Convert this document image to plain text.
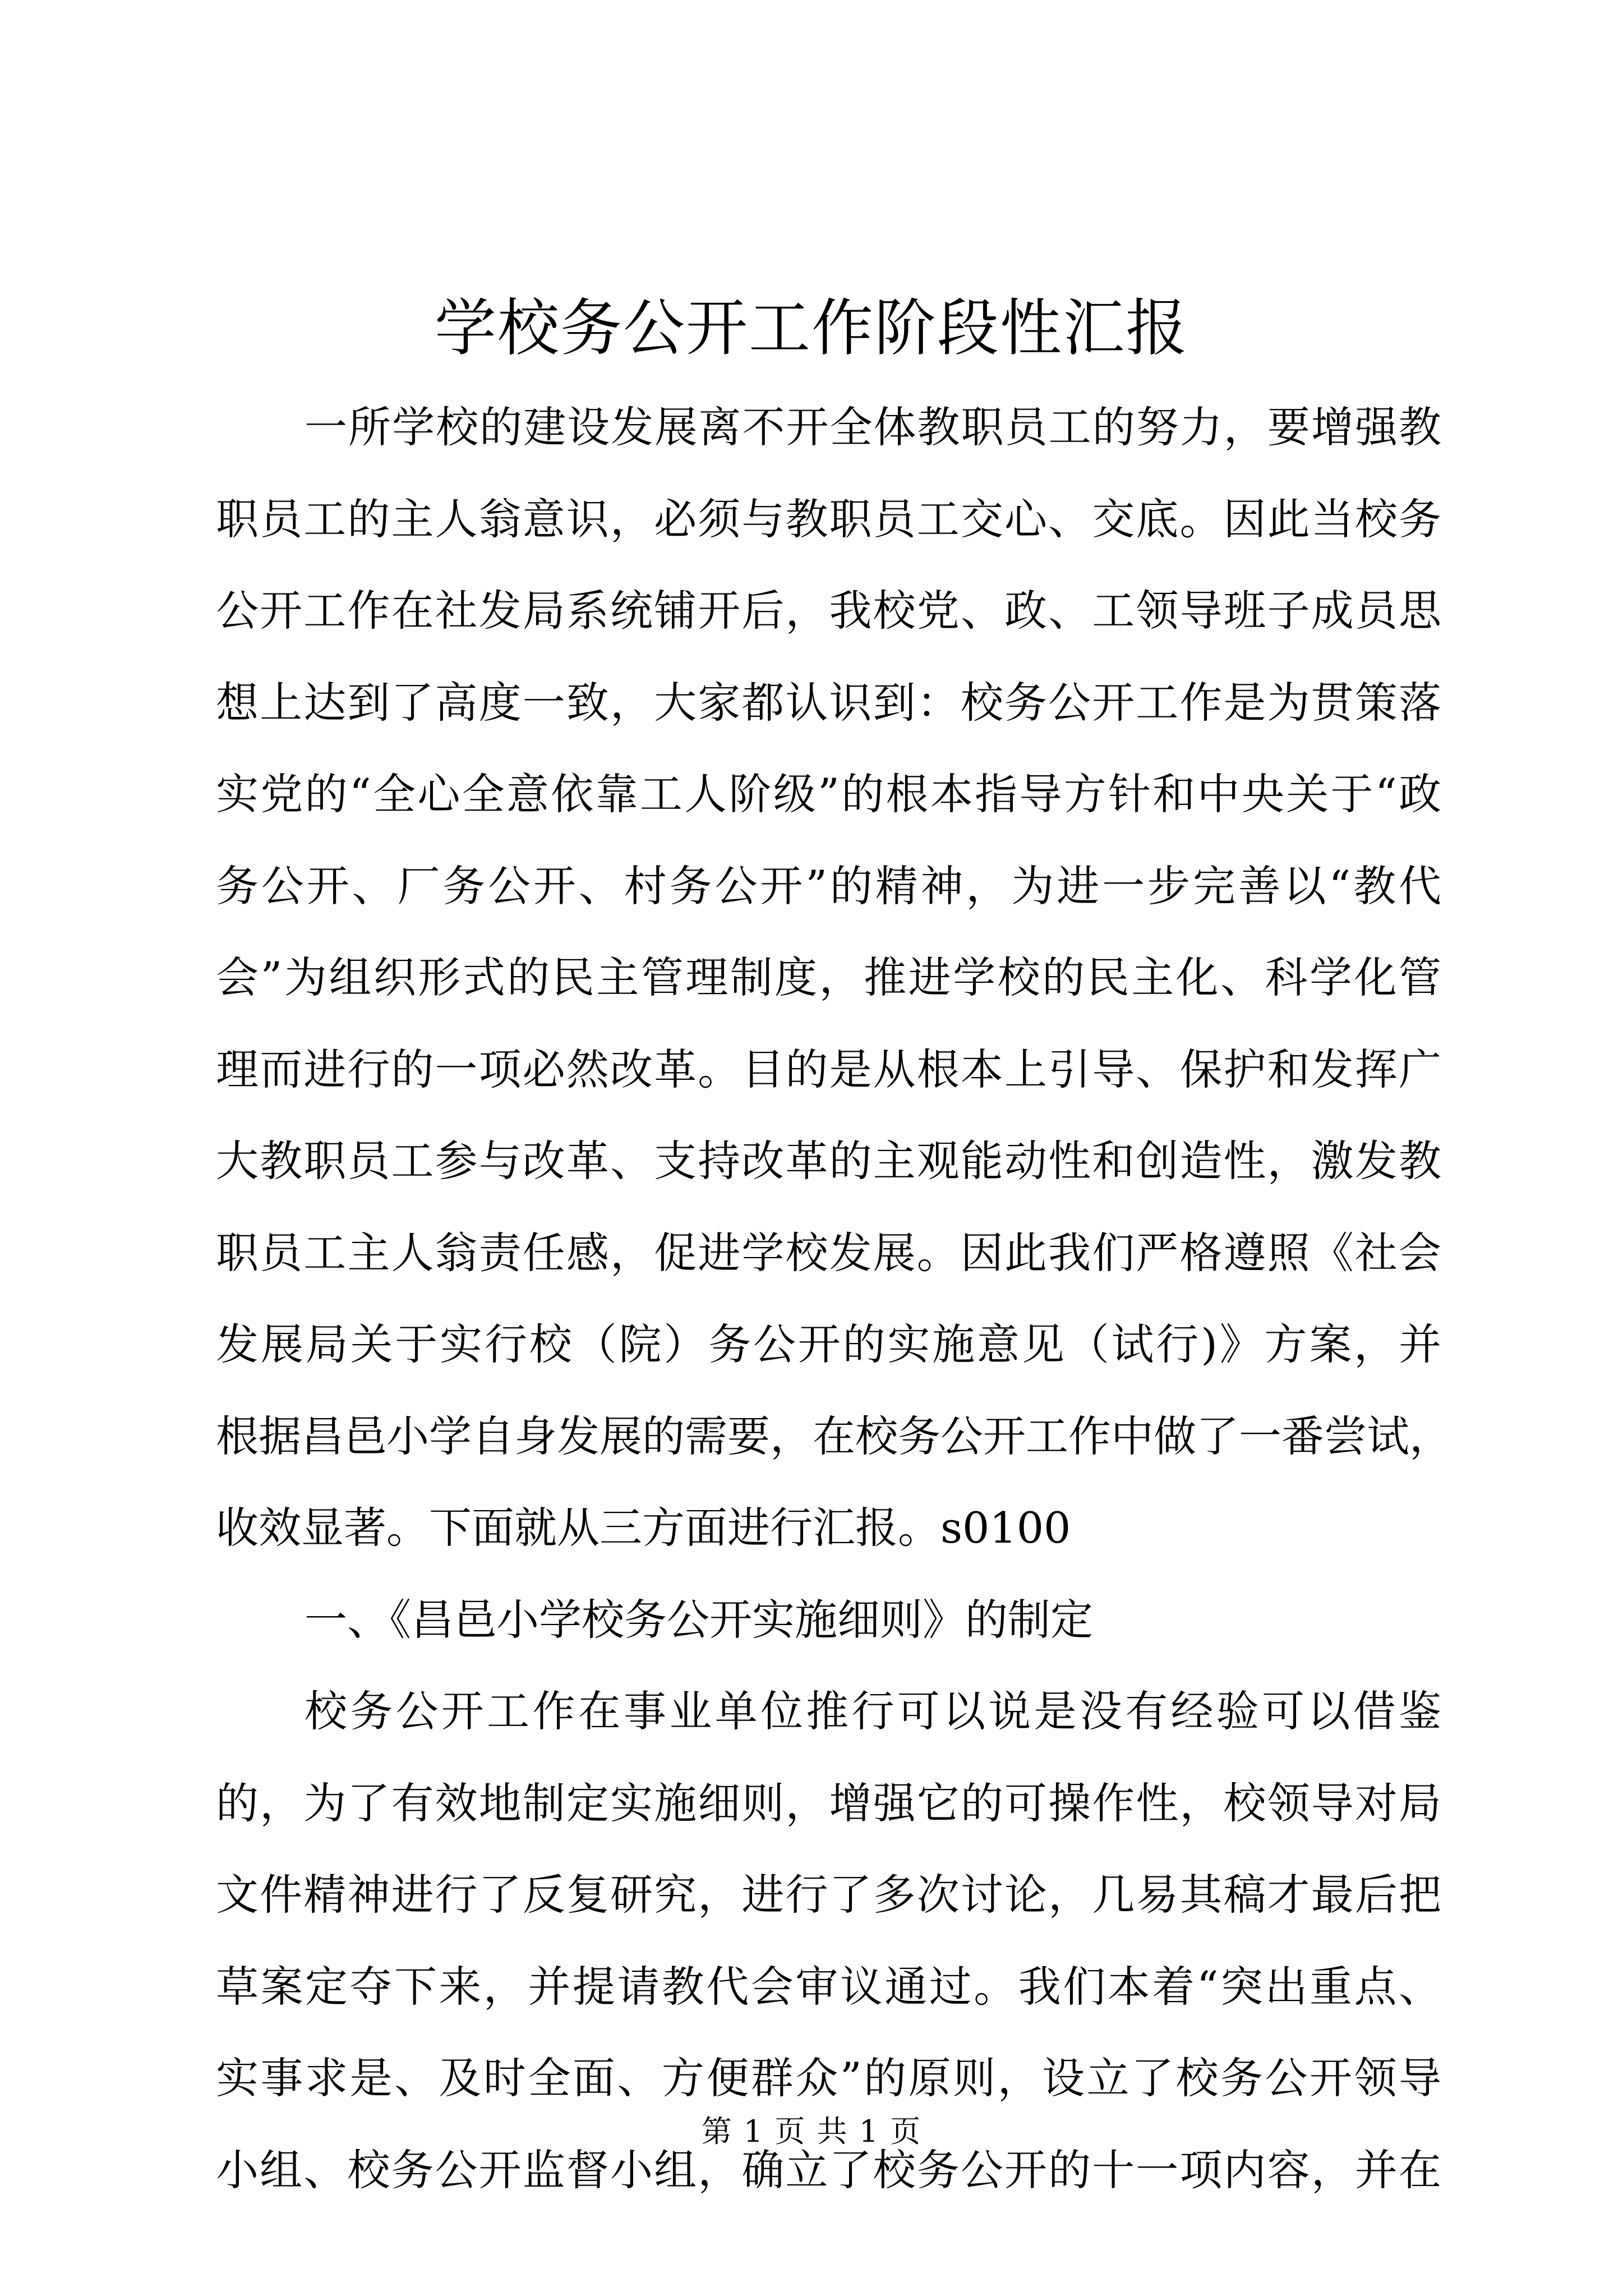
学校务公开工作阶段性汇报
一所学校的建设发展离不开全体教职员工的努力，要增强教
职员工的主人翁意识，必须与教职员工交心、交底。因此当校务
公开工作在社发局系统铺开后，我校党、政、工领导班子成员思
想上达到了高度一致，大家都认识到：校务公开工作是为贯策落
实党的“全心全意依靠工人阶级”的根本指导方针和中央关于“政
务公开、厂务公开、村务公开”的精神，为进一步完善以“教代
会”为组织形式的民主管理制度，推进学校的民主化、科学化管
理而进行的一项必然改革。目的是从根本上引导、保护和发挥广
大教职员工参与改革、支持改革的主观能动性和创造性，激发教
职员工主人翁责任感，促进学校发展。因此我们严格遵照《社会
发展局关于实行校（院）务公开的实施意见（试行)》方案，并
根据昌邑小学自身发展的需要，在校务公开工作中做了一番尝试，
收效显著。下面就从三方面进行汇报。s0100
一、《昌邑小学校务公开实施细则》的制定
校务公开工作在事业单位推行可以说是没有经验可以借鉴
的，为了有效地制定实施细则，增强它的可操作性，校领导对局
文件精神进行了反复研究，进行了多次讨论，几易其稿才最后把
草案定夺下来，并提请教代会审议通过。我们本着“突出重点、
实事求是、及时全面、方便群众”的原则，设立了校务公开领导
小组、校务公开监督小组，确立了校务公开的十一项内容，并在
第 1 页 共 1 页
